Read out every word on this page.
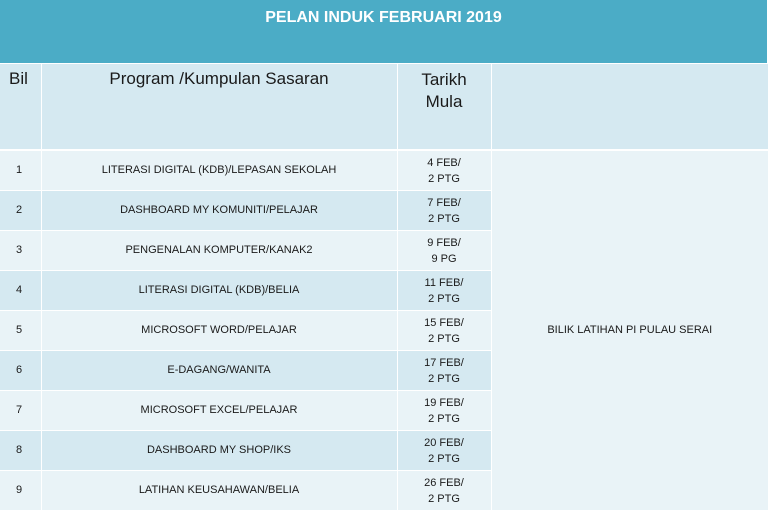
PELAN INDUK FEBRUARI 2019
Bil	Program /Kumpulan Sasaran	Tarikh
Mula	

1	LITERASI DIGITAL (KDB)/LEPASAN SEKOLAH	4 FEB/
2 PTG	BILIK LATIHAN PI PULAU SERAI
2	DASHBOARD MY KOMUNITI/PELAJAR	7 FEB/
2 PTG	

3	PENGENALAN KOMPUTER/KANAK2	9 FEB/
9 PG	

4	LITERASI DIGITAL (KDB)/BELIA	11 FEB/
2 PTG	

5	MICROSOFT WORD/PELAJAR	15 FEB/
2 PTG	

6	E-DAGANG/WANITA	17 FEB/
2 PTG	

7	MICROSOFT EXCEL/PELAJAR	19 FEB/
2 PTG	

8	DASHBOARD MY SHOP/IKS	20 FEB/
2 PTG	

9	LATIHAN KEUSAHAWAN/BELIA	26 FEB/
2 PTG	
